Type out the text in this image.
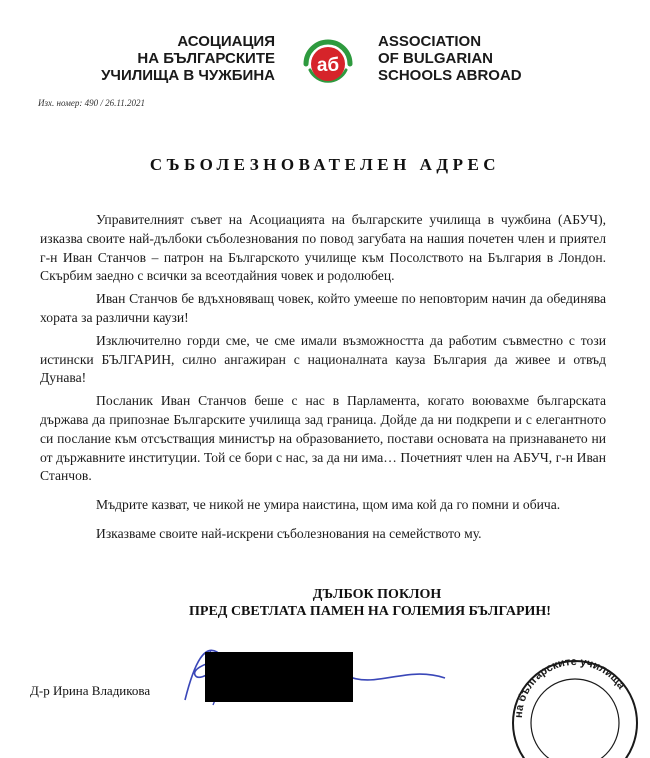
АСОЦИАЦИЯ
НА БЪЛГАРСКИТЕ
УЧИЛИЩА В ЧУЖБИНА аб
ASSOCIATION
OF BULGARIAN
SCHOOLS ABROAD
Изх. номер: 490 / 26.11.2021
СЪБОЛЕЗНОВАТЕЛЕН АДРЕС

Управителният съвет на Асоциацията на българските училища в чужбина (АБУЧ), изказва своите най-дълбоки съболезнования по повод загубата на нашия почетен член и приятел г-н Иван Станчов – патрон на Българското училище към Посолството на България в Лондон. Скърбим заедно с всички за всеотдайния човек и родолюбец.

Иван Станчов бе вдъхновяващ човек, който умееше по неповторим начин да обединява хората за различни каузи!

Изключително горди сме, че сме имали възможността да работим съвместно с този истински БЪЛГАРИН, силно ангажиран с националната кауза България да живее и отвъд Дунава!

Посланик Иван Станчов беше с нас в Парламента, когато воювахме българската държава да припознае Българските училища зад граница. Дойде да ни подкрепи и с елегантното си послание към отсъстващия министър на образованието, постави основата на признаването ни от държавните институции. Той се бори с нас, за да ни има… Почетният член на АБУЧ, г-н Иван Станчов.

Мъдрите казват, че никой не умира наистина, щом има кой да го помни и обича.

Изказваме своите най-искрени съболезнования на семейството му.

ДЪЛБОК ПОКЛОН
ПРЕД СВЕТЛАТА ПАМЕН НА ГОЛЕМИЯ БЪЛГАРИН!
Д-р Ирина Владикова
на българските училища
